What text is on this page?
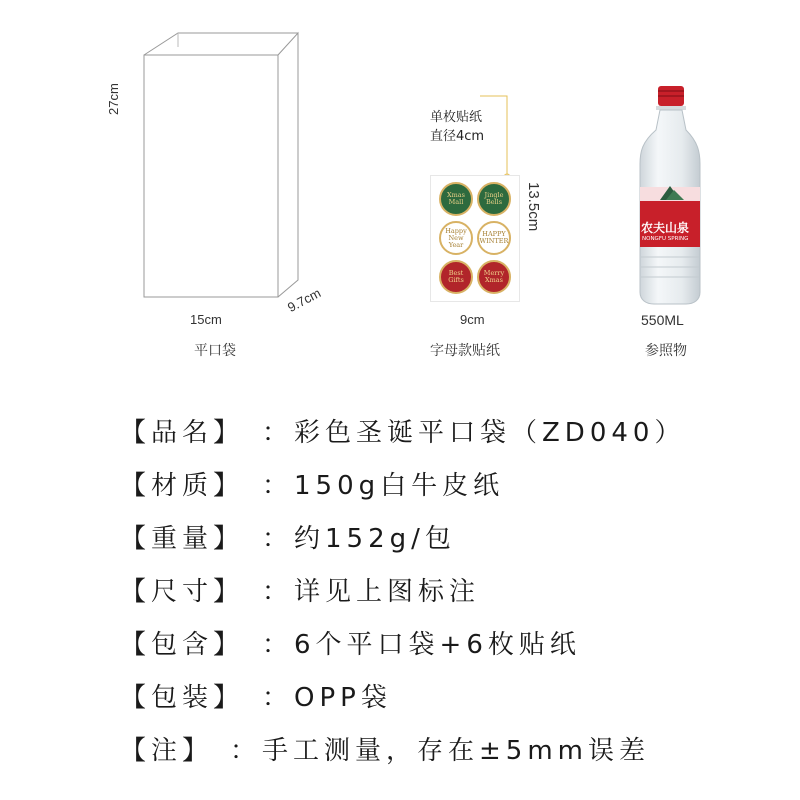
27cm
15cm
9.7cm
平口袋
单枚贴纸
直径4cm
Xmas Mall
Jingle Bells
Happy New Year
HAPPY WINTER
Best Gifts
Merry Xmas
13.5cm
9cm
字母款贴纸
农夫山泉
NONGFU SPRING
550ML
参照物
【品名】 ： 彩色圣诞平口袋（ZD040）
【材质】 ： 150g白牛皮纸
【重量】 ： 约152g/包
【尺寸】 ： 详见上图标注
【包含】 ： 6个平口袋+6枚贴纸
【包装】 ： OPP袋
【注】 ： 手工测量，存在±5mm误差
